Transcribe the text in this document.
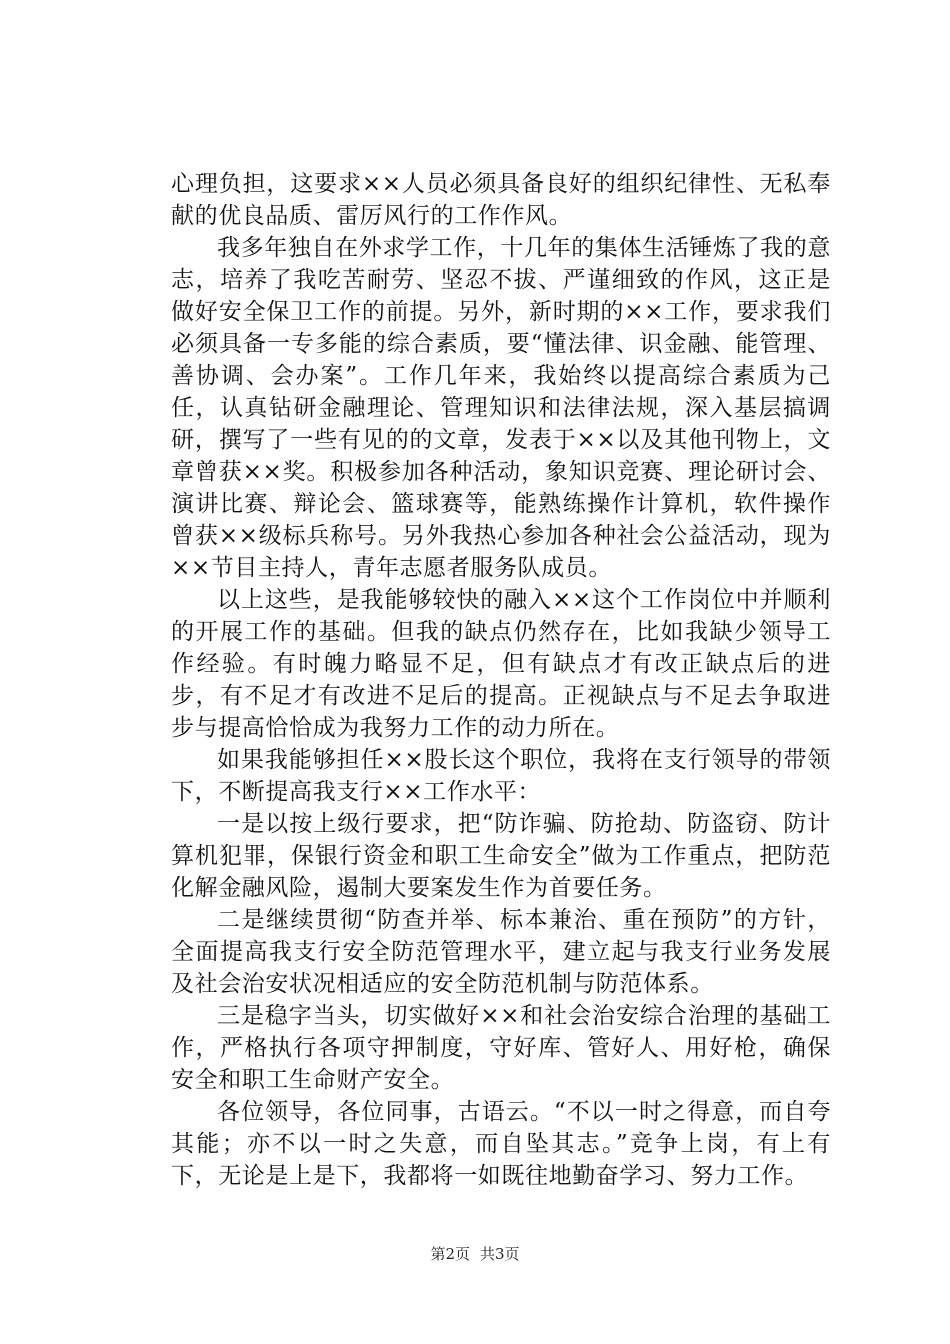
心理负担，这要求××人员必须具备良好的组织纪律性、无私奉献的优良品质、雷厉风行的工作作风。

我多年独自在外求学工作，十几年的集体生活锤炼了我的意志，培养了我吃苦耐劳、坚忍不拔、严谨细致的作风，这正是做好安全保卫工作的前提。另外，新时期的××工作，要求我们必须具备一专多能的综合素质，要“懂法律、识金融、能管理、善协调、会办案”。工作几年来，我始终以提高综合素质为己任，认真钻研金融理论、管理知识和法律法规，深入基层搞调研，撰写了一些有见的的文章，发表于××以及其他刊物上，文章曾获××奖。积极参加各种活动，象知识竞赛、理论研讨会、演讲比赛、辩论会、篮球赛等，能熟练操作计算机，软件操作曾获××级标兵称号。另外我热心参加各种社会公益活动，现为××节目主持人，青年志愿者服务队成员。

以上这些，是我能够较快的融入××这个工作岗位中并顺利的开展工作的基础。但我的缺点仍然存在，比如我缺少领导工作经验。有时魄力略显不足，但有缺点才有改正缺点后的进步，有不足才有改进不足后的提高。正视缺点与不足去争取进步与提高恰恰成为我努力工作的动力所在。

如果我能够担任××股长这个职位，我将在支行领导的带领下，不断提高我支行××工作水平：

一是以按上级行要求，把“防诈骗、防抢劫、防盗窃、防计算机犯罪，保银行资金和职工生命安全”做为工作重点，把防范化解金融风险，遏制大要案发生作为首要任务。

二是继续贯彻“防查并举、标本兼治、重在预防”的方针，全面提高我支行安全防范管理水平，建立起与我支行业务发展及社会治安状况相适应的安全防范机制与防范体系。

三是稳字当头，切实做好××和社会治安综合治理的基础工作，严格执行各项守押制度，守好库、管好人、用好枪，确保安全和职工生命财产安全。

各位领导，各位同事，古语云。“不以一时之得意，而自夸其能；亦不以一时之失意，而自坠其志。”竞争上岗，有上有下，无论是上是下，我都将一如既往地勤奋学习、努力工作。

第2页 共3页
